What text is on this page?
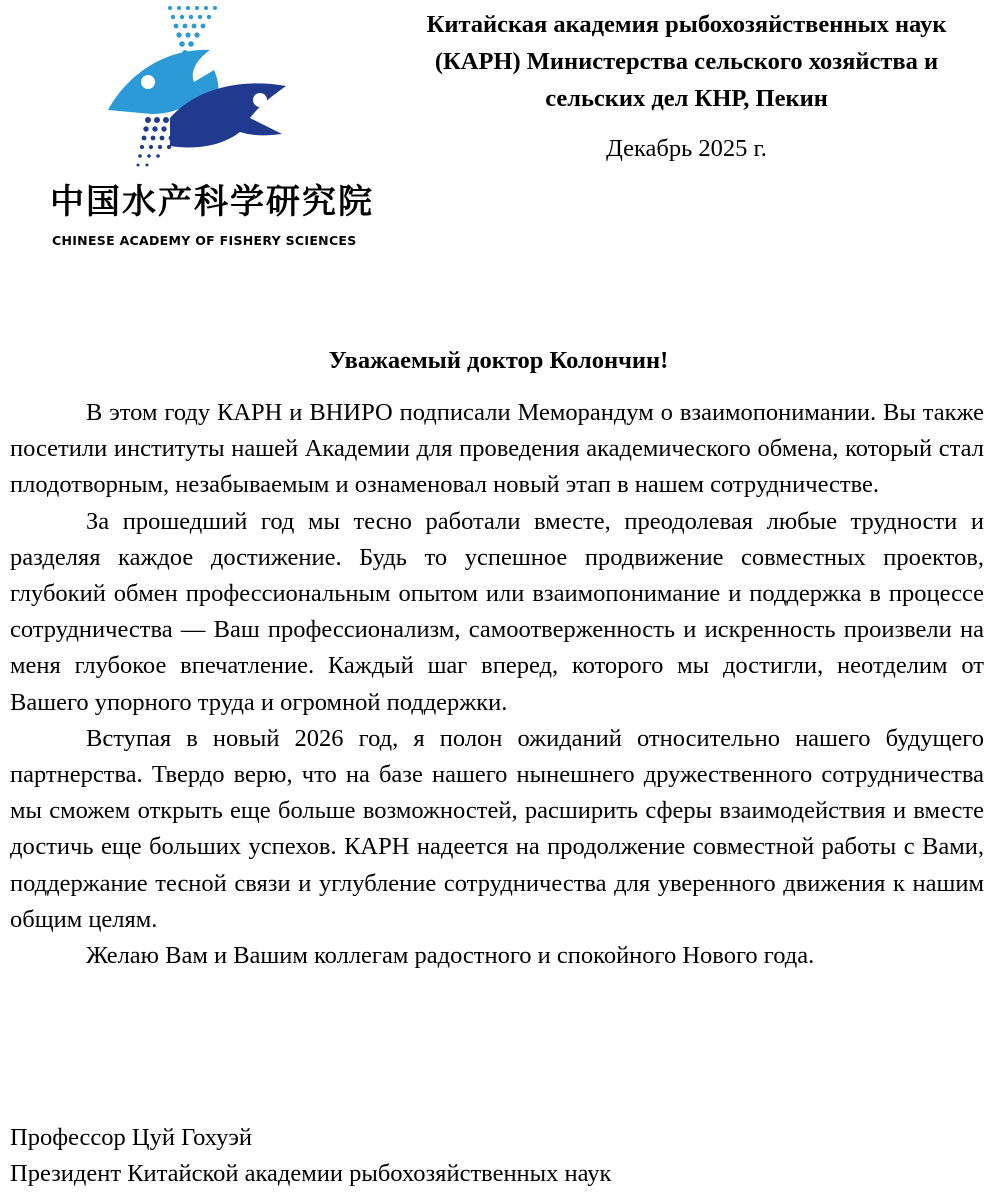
中国水产科学研究院
CHINESE ACADEMY OF FISHERY SCIENCES
Китайская академия рыбохозяйственных наук (КАРН) Министерства сельского хозяйства и сельских дел КНР, Пекин
Декабрь 2025 г.
Уважаемый доктор Колончин!

В этом году КАРН и ВНИРО подписали Меморандум о взаимопонимании. Вы также посетили институты нашей Академии для проведения академического обмена, который стал плодотворным, незабываемым и ознаменовал новый этап в нашем сотрудничестве.

За прошедший год мы тесно работали вместе, преодолевая любые трудности и разделяя каждое достижение. Будь то успешное продвижение совместных проектов, глубокий обмен профессиональным опытом или взаимопонимание и поддержка в процессе сотрудничества — Ваш профессионализм, самоотверженность и искренность произвели на меня глубокое впечатление. Каждый шаг вперед, которого мы достигли, неотделим от Вашего упорного труда и огромной поддержки.

Вступая в новый 2026 год, я полон ожиданий относительно нашего будущего партнерства. Твердо верю, что на базе нашего нынешнего дружественного сотрудничества мы сможем открыть еще больше возможностей, расширить сферы взаимодействия и вместе достичь еще больших успехов. КАРН надеется на продолжение совместной работы с Вами, поддержание тесной связи и углубление сотрудничества для уверенного движения к нашим общим целям.

Желаю Вам и Вашим коллегам радостного и спокойного Нового года.

Профессор Цуй Гохуэй
Президент Китайской академии рыбохозяйственных наук
